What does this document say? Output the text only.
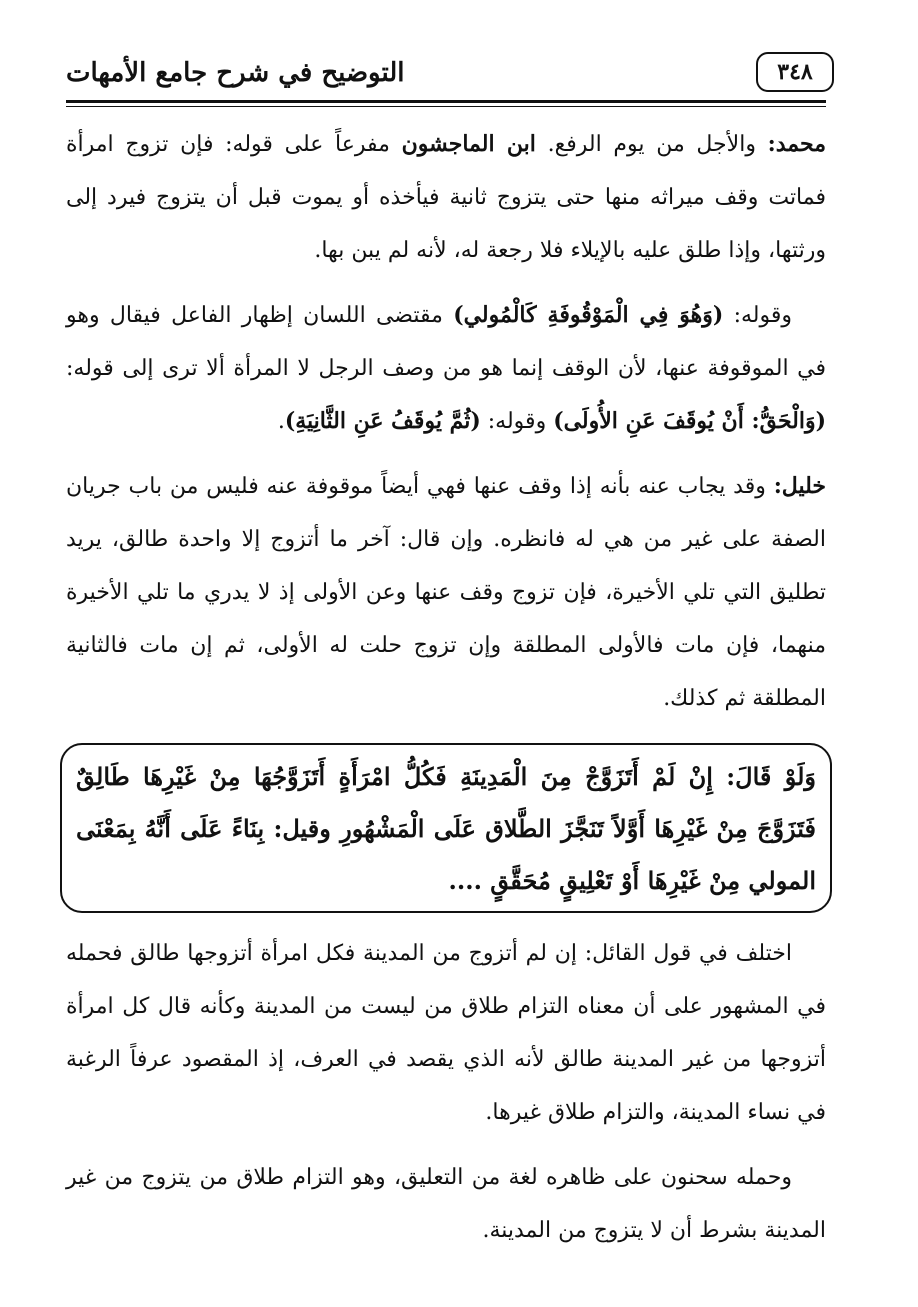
٣٤٨
التوضيح في شرح جامع الأمهات

محمد: والأجل من يوم الرفع. ابن الماجشون مفرعاً على قوله: فإن تزوج امرأة فماتت وقف ميراثه منها حتى يتزوج ثانية فيأخذه أو يموت قبل أن يتزوج فيرد إلى ورثتها، وإذا طلق عليه بالإيلاء فلا رجعة له، لأنه لم يبن بها.

وقوله: (وَهُوَ فِي الْمَوْقُوفَةِ كَالْمُولي) مقتضى اللسان إظهار الفاعل فيقال وهو في الموقوفة عنها، لأن الوقف إنما هو من وصف الرجل لا المرأة ألا ترى إلى قوله: (وَالْحَقُّ: أَنْ يُوقَفَ عَنِ الأُولَى) وقوله: (ثُمَّ يُوقَفُ عَنِ الثَّانِيَةِ).

خليل: وقد يجاب عنه بأنه إذا وقف عنها فهي أيضاً موقوفة عنه فليس من باب جريان الصفة على غير من هي له فانظره. وإن قال: آخر ما أتزوج إلا واحدة طالق، يريد تطليق التي تلي الأخيرة، فإن تزوج وقف عنها وعن الأولى إذ لا يدري ما تلي الأخيرة منهما، فإن مات فالأولى المطلقة وإن تزوج حلت له الأولى، ثم إن مات فالثانية المطلقة ثم كذلك.

وَلَوْ قَالَ: إِنْ لَمْ أَتَزَوَّجْ مِنَ الْمَدِينَةِ فَكُلُّ امْرَأَةٍ أَتَزَوَّجُهَا مِنْ غَيْرِهَا طَالِقٌ فَتَزَوَّجَ مِنْ غَيْرِهَا أَوَّلاً تَنَجَّزَ الطَّلاق عَلَى الْمَشْهُورِ وقيل: بِنَاءً عَلَى أَنَّهُ بِمَعْنَى المولي مِنْ غَيْرِهَا أَوْ تَعْلِيقٍ مُحَقَّقٍ ....

اختلف في قول القائل: إن لم أتزوج من المدينة فكل امرأة أتزوجها طالق فحمله في المشهور على أن معناه التزام طلاق من ليست من المدينة وكأنه قال كل امرأة أتزوجها من غير المدينة طالق لأنه الذي يقصد في العرف، إذ المقصود عرفاً الرغبة في نساء المدينة، والتزام طلاق غيرها.

وحمله سحنون على ظاهره لغة من التعليق، وهو التزام طلاق من يتزوج من غير المدينة بشرط أن لا يتزوج من المدينة.
